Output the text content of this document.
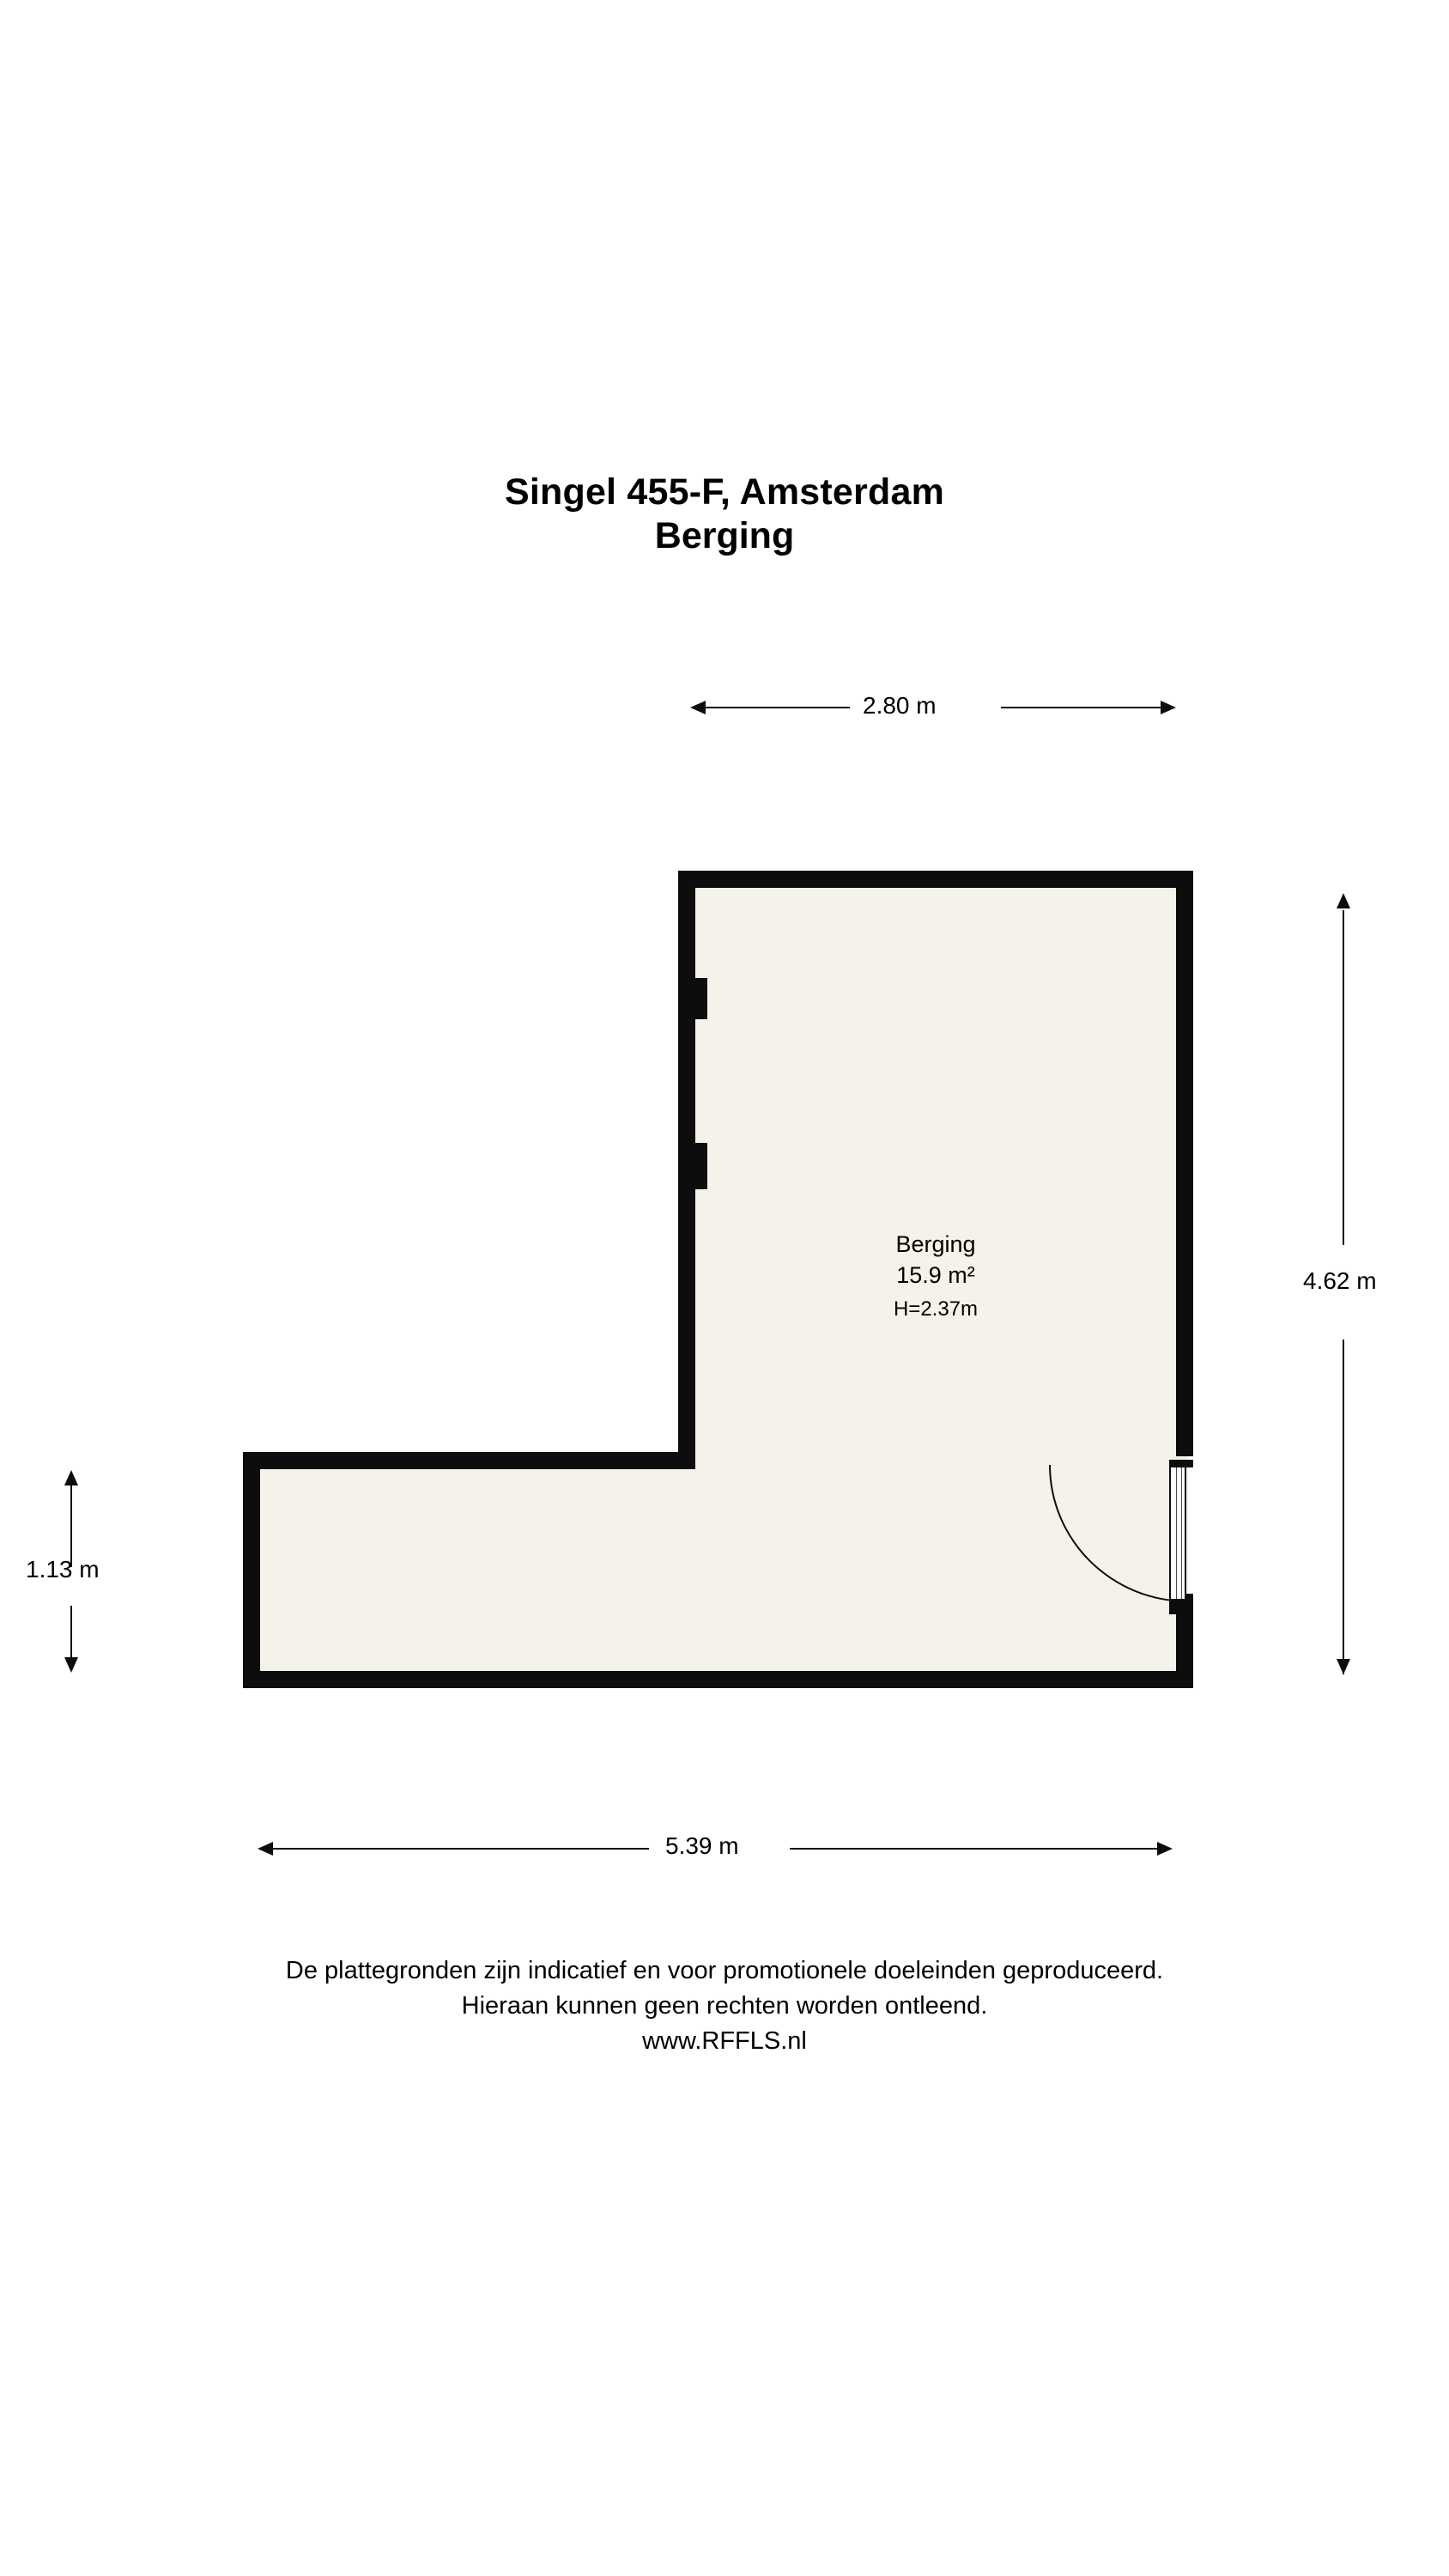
Singel 455-F, Amsterdam
Berging
Berging
15.9 m²
H=2.37m
2.80 m
4.62 m
1.13 m
5.39 m
De plattegronden zijn indicatief en voor promotionele doeleinden geproduceerd.
Hieraan kunnen geen rechten worden ontleend.
www.RFFLS.nl
